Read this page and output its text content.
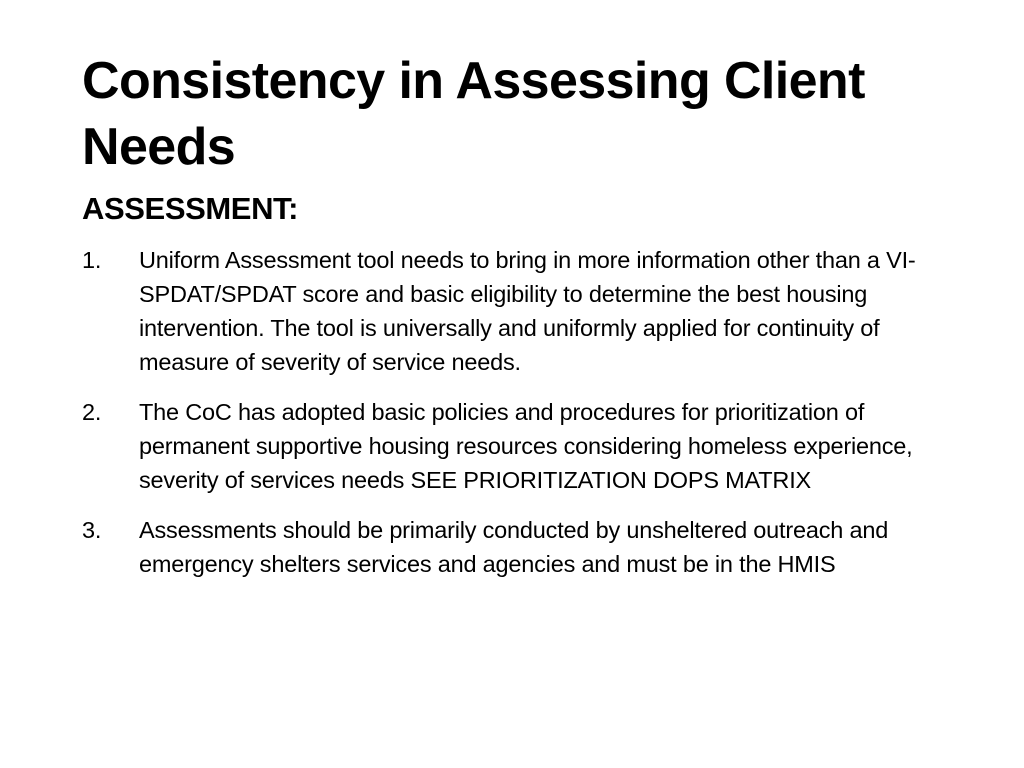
Consistency in Assessing Client Needs
ASSESSMENT:
1. Uniform Assessment tool needs to bring in more information other than a VI-SPDAT/SPDAT score and basic eligibility to determine the best housing intervention. The tool is universally and uniformly applied for continuity of measure of severity of service needs.
2. The CoC has adopted basic policies and procedures for prioritization of permanent supportive housing resources considering homeless experience, severity of services needs SEE PRIORITIZATION DOPS MATRIX
3. Assessments should be primarily conducted by unsheltered outreach and emergency shelters services and agencies and must be in the HMIS
